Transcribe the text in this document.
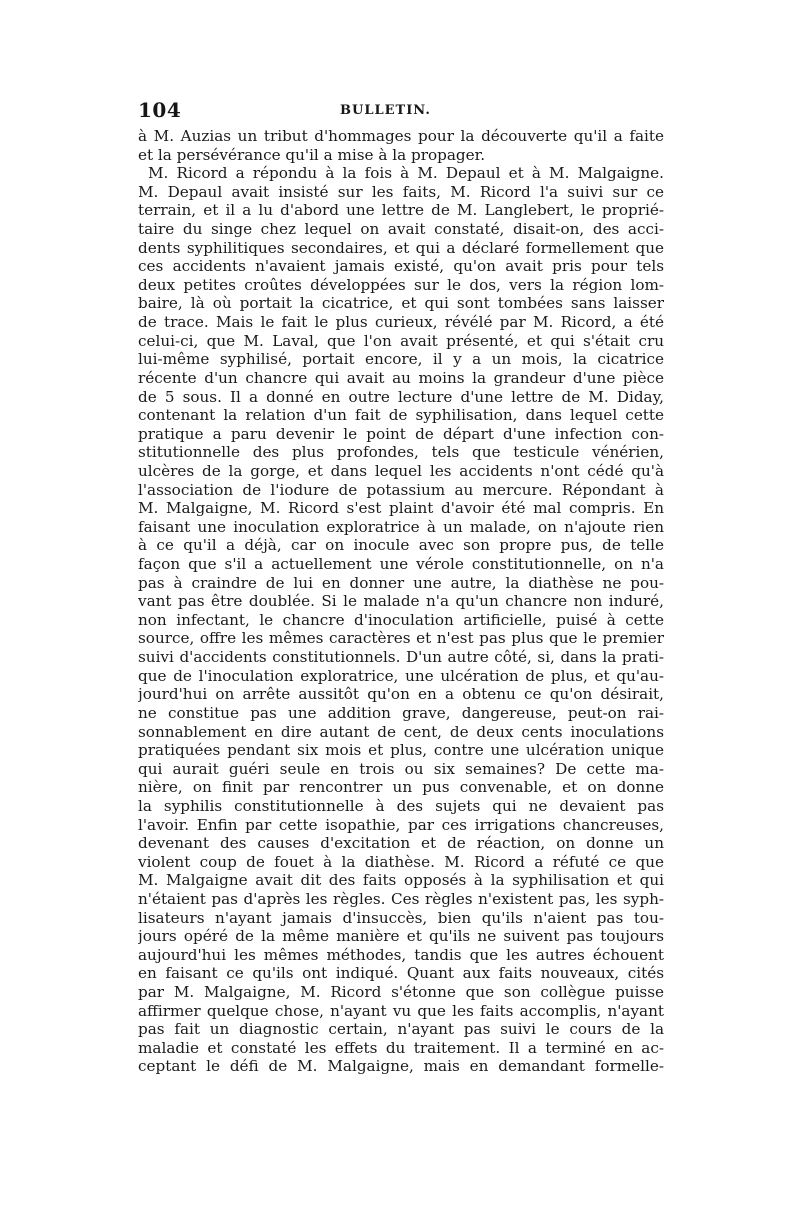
104	BULLETIN.
à M. Auzias un tribut d'hommages pour la découverte qu'il a faite
et la persévérance qu'il a mise à la propager.
M. Ricord a répondu à la fois à M. Depaul et à M. Malgaigne.
M. Depaul avait insisté sur les faits, M. Ricord l'a suivi sur ce
terrain, et il a lu d'abord une lettre de M. Langlebert, le proprié-
taire du singe chez lequel on avait constaté, disait-on, des acci-
dents syphilitiques secondaires, et qui a déclaré formellement que
ces accidents n'avaient jamais existé, qu'on avait pris pour tels
deux petites croûtes développées sur le dos, vers la région lom-
baire, là où portait la cicatrice, et qui sont tombées sans laisser
de trace. Mais le fait le plus curieux, révélé par M. Ricord, a été
celui-ci, que M. Laval, que l'on avait présenté, et qui s'était cru
lui-même syphilisé, portait encore, il y a un mois, la cicatrice
récente d'un chancre qui avait au moins la grandeur d'une pièce
de 5 sous. Il a donné en outre lecture d'une lettre de M. Diday,
contenant la relation d'un fait de syphilisation, dans lequel cette
pratique a paru devenir le point de départ d'une infection con-
stitutionnelle des plus profondes, tels que testicule vénérien,
ulcères de la gorge, et dans lequel les accidents n'ont cédé qu'à
l'association de l'iodure de potassium au mercure. Répondant à
M. Malgaigne, M. Ricord s'est plaint d'avoir été mal compris. En
faisant une inoculation exploratrice à un malade, on n'ajoute rien
à ce qu'il a déjà, car on inocule avec son propre pus, de telle
façon que s'il a actuellement une vérole constitutionnelle, on n'a
pas à craindre de lui en donner une autre, la diathèse ne pou-
vant pas être doublée. Si le malade n'a qu'un chancre non induré,
non infectant, le chancre d'inoculation artificielle, puisé à cette
source, offre les mêmes caractères et n'est pas plus que le premier
suivi d'accidents constitutionnels. D'un autre côté, si, dans la prati-
que de l'inoculation exploratrice, une ulcération de plus, et qu'au-
jourd'hui on arrête aussitôt qu'on en a obtenu ce qu'on désirait,
ne constitue pas une addition grave, dangereuse, peut-on rai-
sonnablement en dire autant de cent, de deux cents inoculations
pratiquées pendant six mois et plus, contre une ulcération unique
qui aurait guéri seule en trois ou six semaines? De cette ma-
nière, on finit par rencontrer un pus convenable, et on donne
la syphilis constitutionnelle à des sujets qui ne devaient pas
l'avoir. Enfin par cette isopathie, par ces irrigations chancreuses,
devenant des causes d'excitation et de réaction, on donne un
violent coup de fouet à la diathèse. M. Ricord a réfuté ce que
M. Malgaigne avait dit des faits opposés à la syphilisation et qui
n'étaient pas d'après les règles. Ces règles n'existent pas, les syph-
lisateurs n'ayant jamais d'insuccès, bien qu'ils n'aient pas tou-
jours opéré de la même manière et qu'ils ne suivent pas toujours
aujourd'hui les mêmes méthodes, tandis que les autres échouent
en faisant ce qu'ils ont indiqué. Quant aux faits nouveaux, cités
par M. Malgaigne, M. Ricord s'étonne que son collègue puisse
affirmer quelque chose, n'ayant vu que les faits accomplis, n'ayant
pas fait un diagnostic certain, n'ayant pas suivi le cours de la
maladie et constaté les effets du traitement. Il a terminé en ac-
ceptant le défi de M. Malgaigne, mais en demandant formelle-
